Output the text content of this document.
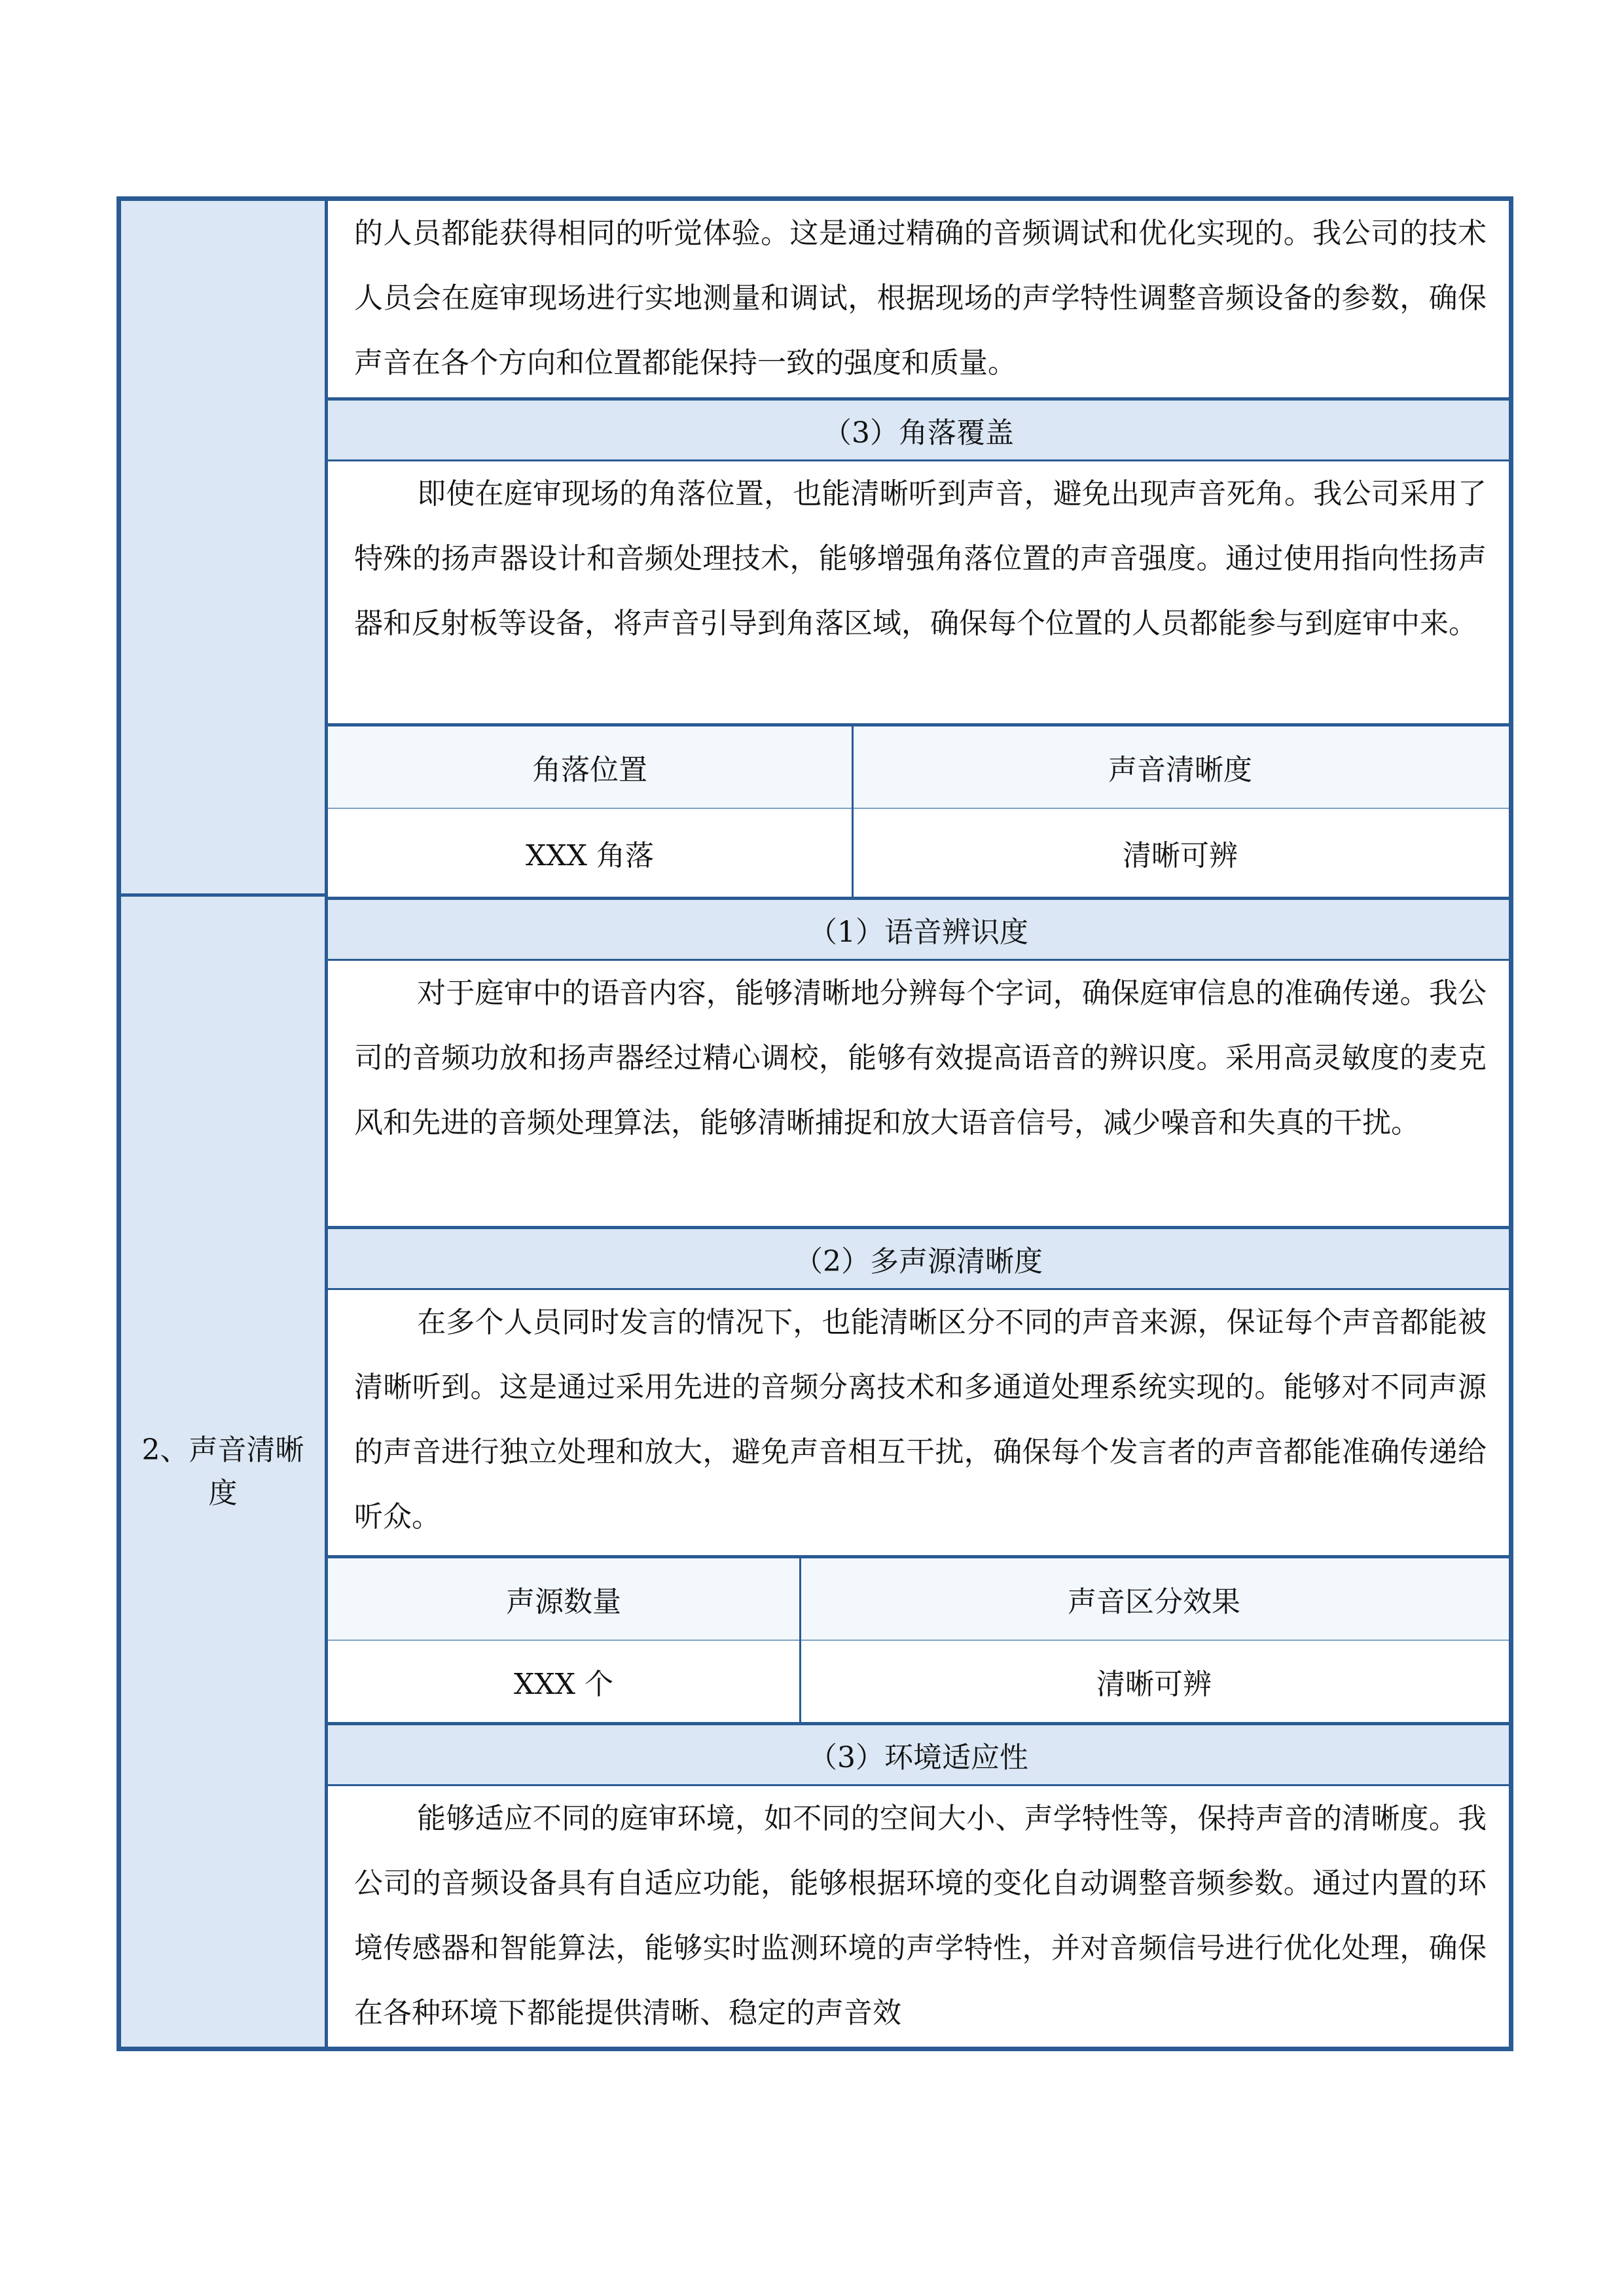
的人员都能获得相同的听觉体验。这是通过精确的音频调试和优化实现的。我公司的技术人员会在庭审现场进行实地测量和调试，根据现场的声学特性调整音频设备的参数，确保声音在各个方向和位置都能保持一致的强度和质量。
（3）角落覆盖
即使在庭审现场的角落位置，也能清晰听到声音，避免出现声音死角。我公司采用了特殊的扬声器设计和音频处理技术，能够增强角落位置的声音强度。通过使用指向性扬声器和反射板等设备，将声音引导到角落区域，确保每个位置的人员都能参与到庭审中来。
角落位置	声音清晰度
XXX 角落	清晰可辨
2、声音清晰度
（1）语音辨识度
对于庭审中的语音内容，能够清晰地分辨每个字词，确保庭审信息的准确传递。我公司的音频功放和扬声器经过精心调校，能够有效提高语音的辨识度。采用高灵敏度的麦克风和先进的音频处理算法，能够清晰捕捉和放大语音信号，减少噪音和失真的干扰。
（2）多声源清晰度
在多个人员同时发言的情况下，也能清晰区分不同的声音来源，保证每个声音都能被清晰听到。这是通过采用先进的音频分离技术和多通道处理系统实现的。能够对不同声源的声音进行独立处理和放大，避免声音相互干扰，确保每个发言者的声音都能准确传递给听众。
声源数量	声音区分效果
XXX 个	清晰可辨
（3）环境适应性
能够适应不同的庭审环境，如不同的空间大小、声学特性等，保持声音的清晰度。我公司的音频设备具有自适应功能，能够根据环境的变化自动调整音频参数。通过内置的环境传感器和智能算法，能够实时监测环境的声学特性，并对音频信号进行优化处理，确保在各种环境下都能提供清晰、稳定的声音效
